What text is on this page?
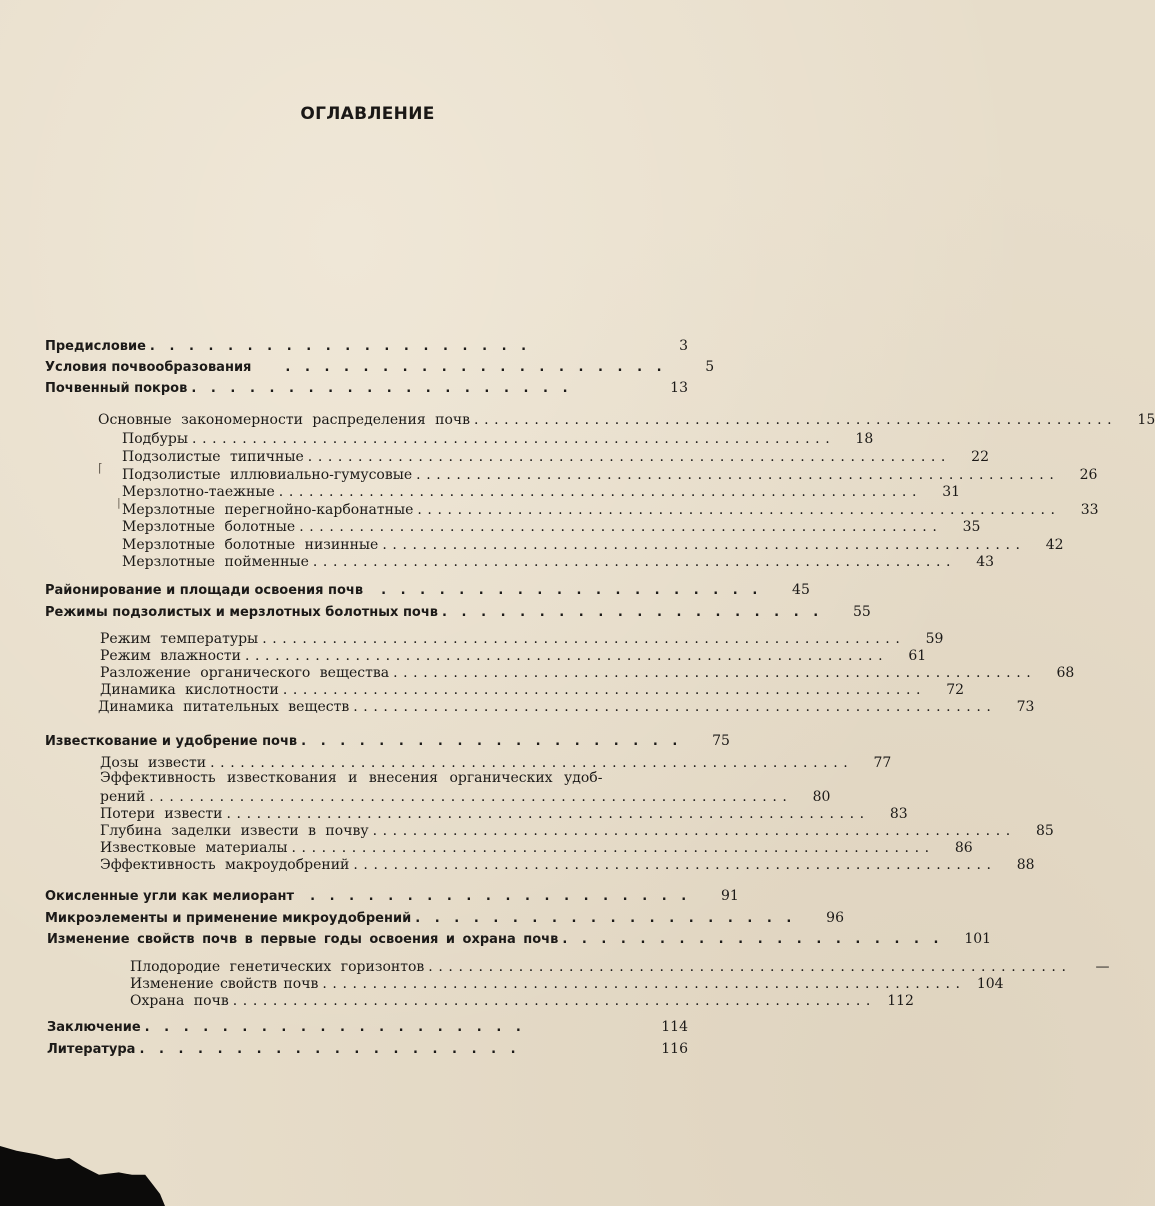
ОГЛАВЛЕНИЕ
Предисловие ....................	3
Условия почвообразования	....................	5
Почвенный покров ....................	13
Основные закономерности распределения почв ................................................................	15
Подбуры ................................................................	18
Подзолистые типичные ................................................................	22
Подзолистые иллювиально-гумусовые ................................................................	26
Мерзлотно-таежные ................................................................	31
Мерзлотные перегнойно-карбонатные ................................................................	33
Мерзлотные болотные ................................................................	35
Мерзлотные болотные низинные ................................................................	42
Мерзлотные пойменные ................................................................	43
Районирование и площади освоения почв ....................	45
Режимы подзолистых и мерзлотных болотных почв ....................	55
Режим температуры ................................................................	59
Режим влажности ................................................................	61
Разложение органического вещества ................................................................	68
Динамика кислотности ................................................................	72
Динамика питательных веществ ................................................................	73
Известкование и удобрение почв ....................	75
Дозы извести ................................................................	77
Эффективность известкования и внесения органических удоб-
рений ................................................................	80
Потери извести ................................................................	83
Глубина заделки извести в почву ................................................................	85
Известковые материалы ................................................................	86
Эффективность макроудобрений ................................................................	88
Окисленные угли как мелиорант ....................	91
Микроэлементы и применение микроудобрений ....................	96
Изменение свойств почв в первые годы освоения и охрана почв .................... 101
Плодородие генетических горизонтов ................................................................	—
Изменение свойств почв ................................................................ 104
Охрана почв ................................................................ 112
Заключение ....................	114
Литература ....................	116
⌈
|
